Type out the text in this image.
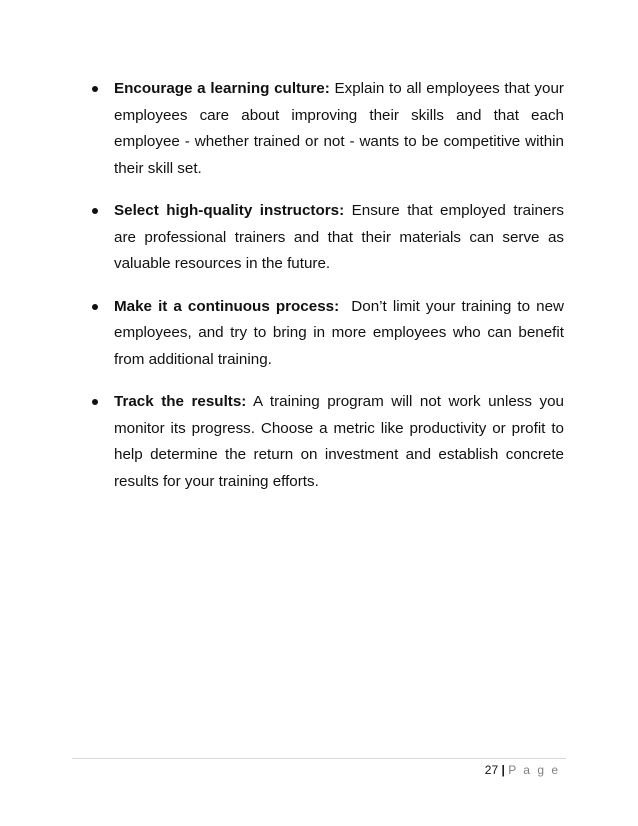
Encourage a learning culture: Explain to all employees that your employees care about improving their skills and that each employee - whether trained or not - wants to be competitive within their skill set.
Select high-quality instructors: Ensure that employed trainers are professional trainers and that their materials can serve as valuable resources in the future.
Make it a continuous process:  Don’t limit your training to new employees, and try to bring in more employees who can benefit from additional training.
Track the results: A training program will not work unless you monitor its progress. Choose a metric like productivity or profit to help determine the return on investment and establish concrete results for your training efforts.
27 | P a g e
